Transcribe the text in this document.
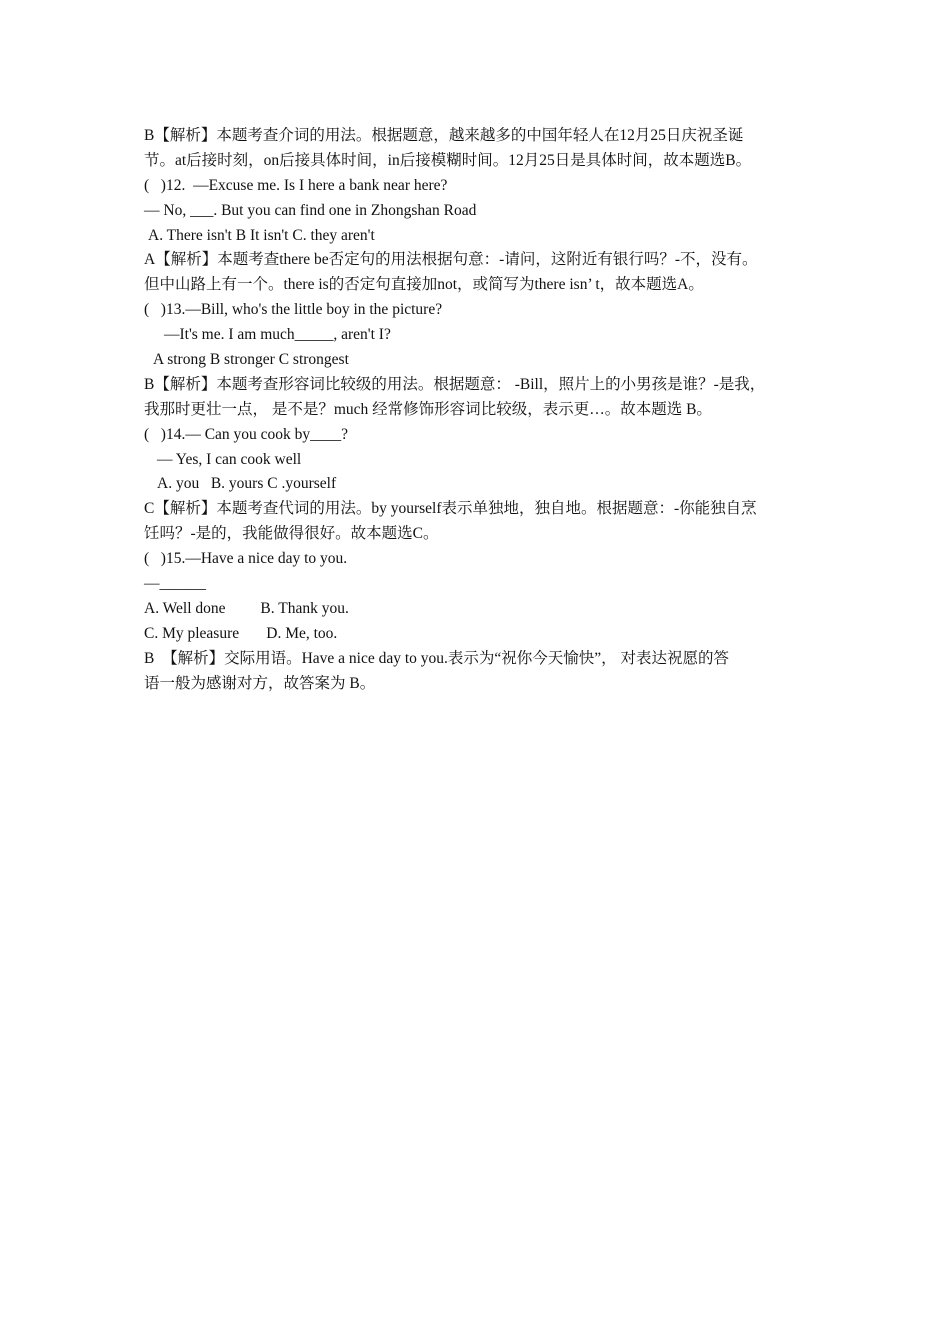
B【解析】本题考查介词的用法。根据题意，越来越多的中国年轻人在12月25日庆祝圣诞
节。at后接时刻，on后接具体时间，in后接模糊时间。12月25日是具体时间，故本题选B。
(   )12.  —Excuse me. Is I here a bank near here?
— No, ___. But you can find one in Zhongshan Road
A. There isn't B It isn't C. they aren't
A【解析】本题考查there be否定句的用法根据句意：-请问，这附近有银行吗？-不，没有。
但中山路上有一个。there is的否定句直接加not，或简写为there isn’ t，故本题选A。
(   )13.—Bill, who's the little boy in the picture?
—It's me. I am much_____, aren't I?
A strong B stronger C strongest
B【解析】本题考查形容词比较级的用法。根据题意： -Bill，照片上的小男孩是谁？-是我，
我那时更壮一点， 是不是？much 经常修饰形容词比较级，表示更…。故本题选 B。
(   )14.— Can you cook by____?
— Yes, I can cook well
A. you   B. yours C .yourself
C【解析】本题考查代词的用法。by yourself表示单独地，独自地。根据题意：-你能独自烹
饪吗？-是的，我能做得很好。故本题选C。
(   )15.—Have a nice day to you.
—______
A. Well done         B. Thank you.
C. My pleasure       D. Me, too.
B  【解析】交际用语。Have a nice day to you.表示为“祝你今天愉快”， 对表达祝愿的答
语一般为感谢对方，故答案为 B。
